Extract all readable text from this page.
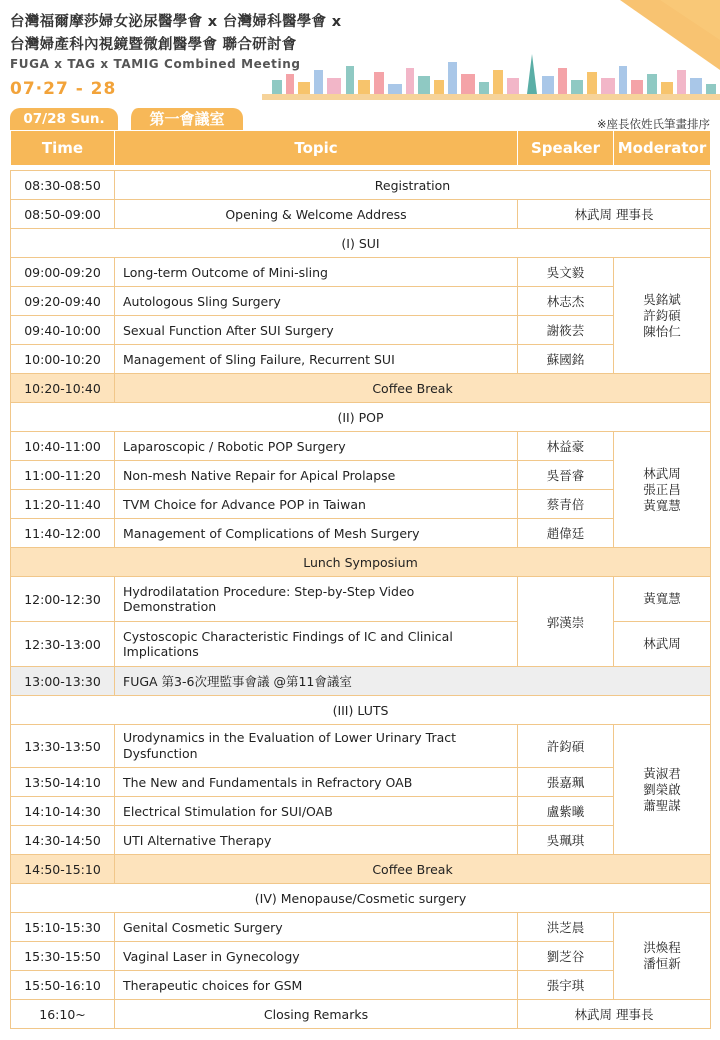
台灣福爾摩莎婦女泌尿醫學會 x 台灣婦科醫學會 x
台灣婦產科內視鏡暨微創醫學會 聯合研討會
FUGA x TAG x TAMIG Combined Meeting
07·27 - 28
07/28 Sun.	第一會議室	※座長依姓氏筆畫排序
Time	Topic	Speaker	Moderator

08:30-08:50	Registration		
08:50-09:00	Opening & Welcome Address	林武周 理事長	
(I) SUI			
09:00-09:20	Long-term Outcome of Mini-sling	吳文毅	吳銘斌
許鈞碩
陳怡仁

09:20-09:40	Autologous Sling Surgery	林志杰	
09:40-10:00	Sexual Function After SUI Surgery	謝筱芸	
10:00-10:20	Management of Sling Failure, Recurrent SUI	蘇國銘	
10:20-10:40	Coffee Break		
(II) POP			
10:40-11:00	Laparoscopic / Robotic POP Surgery	林益豪	林武周
張正昌
黃寬慧

11:00-11:20	Non-mesh Native Repair for Apical Prolapse	吳晉睿	
11:20-11:40	TVM Choice for Advance POP in Taiwan	蔡青倍	
11:40-12:00	Management of Complications of Mesh Surgery	趙偉廷	
Lunch Symposium			
12:00-12:30	Hydrodilatation Procedure: Step-by-Step Video Demonstration	郭漢崇	黃寬慧
12:30-13:00	Cystoscopic Characteristic Findings of IC and Clinical Implications		林武周
13:00-13:30	FUGA 第3-6次理監事會議 @第11會議室		
(III) LUTS			
13:30-13:50	Urodynamics in the Evaluation of Lower Urinary Tract Dysfunction	許鈞碩	黃淑君
劉榮啟
蕭聖謀

13:50-14:10	The New and Fundamentals in Refractory OAB	張嘉珮	
14:10-14:30	Electrical Stimulation for SUI/OAB	盧紫曦	
14:30-14:50	UTI Alternative Therapy	吳珮琪	
14:50-15:10	Coffee Break		
(IV) Menopause/Cosmetic surgery			
15:10-15:30	Genital Cosmetic Surgery	洪芝晨	洪煥程
潘恒新

15:30-15:50	Vaginal Laser in Gynecology	劉芝谷	
15:50-16:10	Therapeutic choices for GSM	張宇琪	
16:10~	Closing Remarks	林武周 理事長	
